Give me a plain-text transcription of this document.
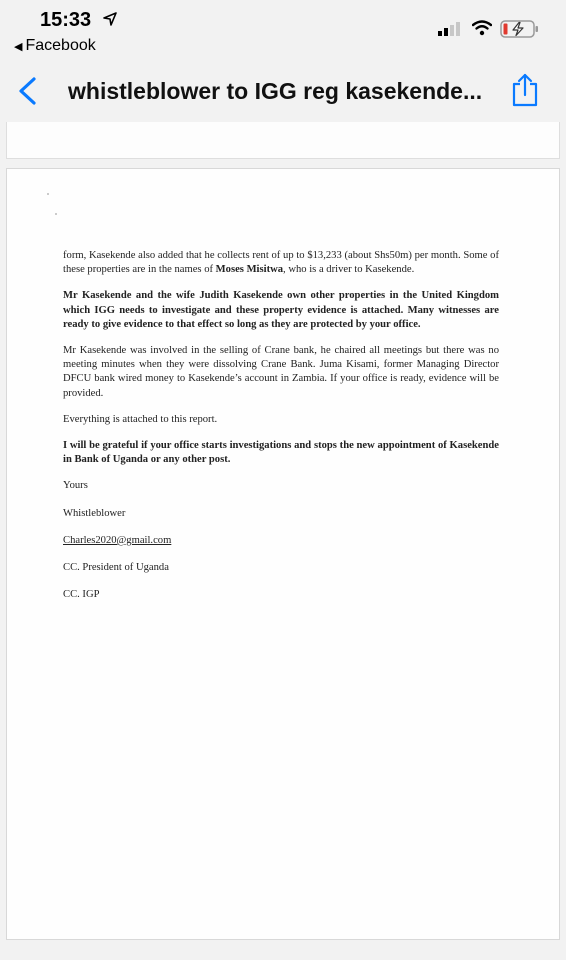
15:33
◀ Facebook
whistleblower to IGG reg kasekende...

form, Kasekende also added that he collects rent of up to $13,233 (about Shs50m) per month. Some of these properties are in the names of Moses Misitwa, who is a driver to Kasekende.

Mr Kasekende and the wife Judith Kasekende own other properties in the United Kingdom which IGG needs to investigate and these property evidence is attached. Many witnesses are ready to give evidence to that effect so long as they are protected by your office.

Mr Kasekende was involved in the selling of Crane bank, he chaired all meetings but there was no meeting minutes when they were dissolving Crane Bank. Juma Kisami, former Managing Director DFCU bank wired money to Kasekende’s account in Zambia. If your office is ready, evidence will be provided.

Everything is attached to this report.

I will be grateful if your office starts investigations and stops the new appointment of Kasekende in Bank of Uganda or any other post.

Yours

Whistleblower

Charles2020@gmail.com

CC. President of Uganda

CC. IGP
